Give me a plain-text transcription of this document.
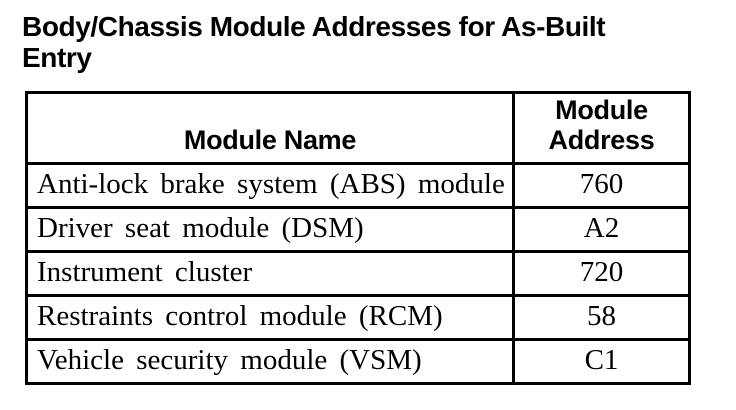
Body/Chassis Module Addresses for As-Built Entry
Module Name	Module Address
Anti-lock brake system (ABS) module	760
Driver seat module (DSM)	A2
Instrument cluster	720
Restraints control module (RCM)	58
Vehicle security module (VSM)	C1
